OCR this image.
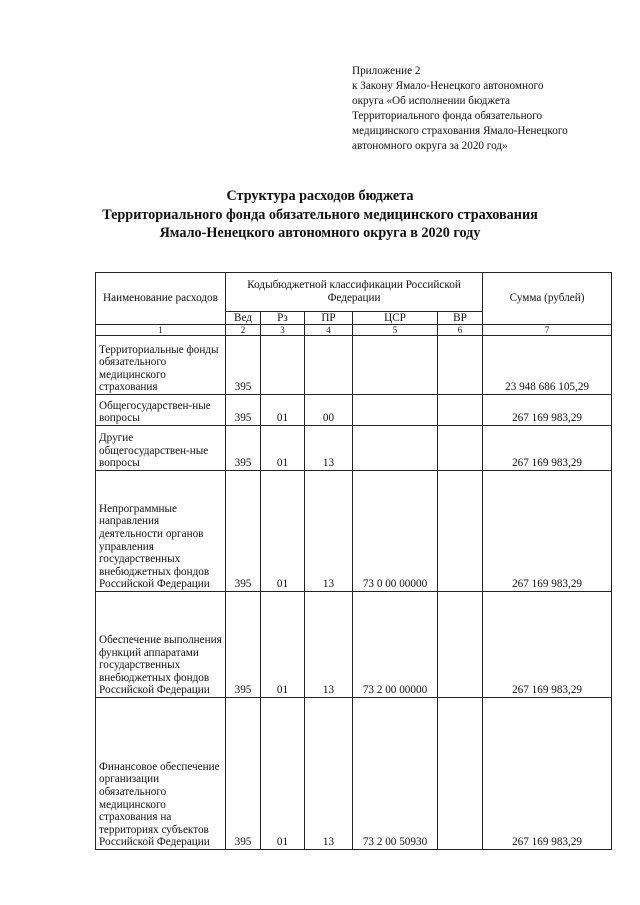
Приложение 2
к Закону Ямало-Ненецкого автономного
округа «Об исполнении бюджета
Территориального фонда обязательного
медицинского страхования Ямало-Ненецкого
автономного округа за 2020 год»
Структура расходов бюджета
Территориального фонда обязательного медицинского страхования
Ямало-Ненецкого автономного округа в 2020 году
Наименование расходов	Кодыбюджетной классификации Российской Федерации					Сумма (рублей)
	Вед	Рз	ПР	ЦСР	ВР	
1	2	3	4	5	6	7
Территориальные фонды обязательного медицинского страхования	395					23 948 686 105,29
Общегосударствен-ные вопросы	395	01	00			267 169 983,29
Другие общегосударствен-ные вопросы	395	01	13			267 169 983,29
Непрограммные направления деятельности органов управления государственных внебюджетных фондов Российской Федерации	395	01	13	73 0 00 00000		267 169 983,29
Обеспечение выполнения функций аппаратами государственных внебюджетных фондов Российской Федерации	395	01	13	73 2 00 00000		267 169 983,29
Финансовое обеспечение организации обязательного медицинского страхования на территориях субъектов Российской Федерации	395	01	13	73 2 00 50930		267 169 983,29
